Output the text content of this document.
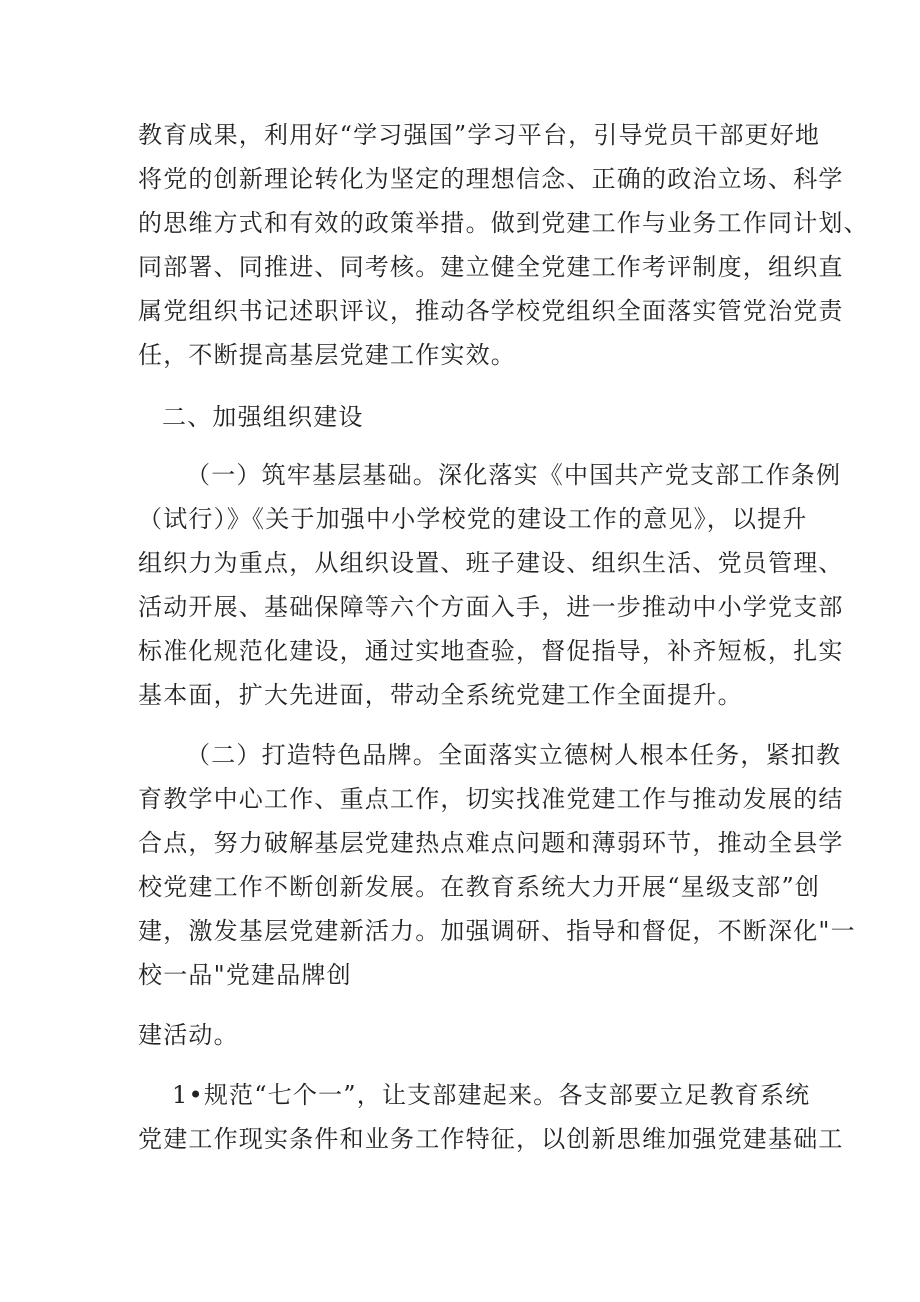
教育成果，利用好“学习强国”学习平台，引导党员干部更好地
将党的创新理论转化为坚定的理想信念、正确的政治立场、科学
的思维方式和有效的政策举措。做到党建工作与业务工作同计划、
同部署、同推进、同考核。建立健全党建工作考评制度，组织直
属党组织书记述职评议，推动各学校党组织全面落实管党治党责
任，不断提高基层党建工作实效。
二、加强组织建设
（一）筑牢基层基础。深化落实《中国共产党支部工作条例
（试行）》《关于加强中小学校党的建设工作的意见》，以提升
组织力为重点，从组织设置、班子建设、组织生活、党员管理、
活动开展、基础保障等六个方面入手，进一步推动中小学党支部
标准化规范化建设，通过实地查验，督促指导，补齐短板，扎实
基本面，扩大先进面，带动全系统党建工作全面提升。
（二）打造特色品牌。全面落实立德树人根本任务，紧扣教
育教学中心工作、重点工作，切实找准党建工作与推动发展的结
合点，努力破解基层党建热点难点问题和薄弱环节，推动全县学
校党建工作不断创新发展。在教育系统大力开展“星级支部”创
建，激发基层党建新活力。加强调研、指导和督促，不断深化"一
校一品"党建品牌创
建活动。
1•规范“七个一”，让支部建起来。各支部要立足教育系统
党建工作现实条件和业务工作特征，以创新思维加强党建基础工
